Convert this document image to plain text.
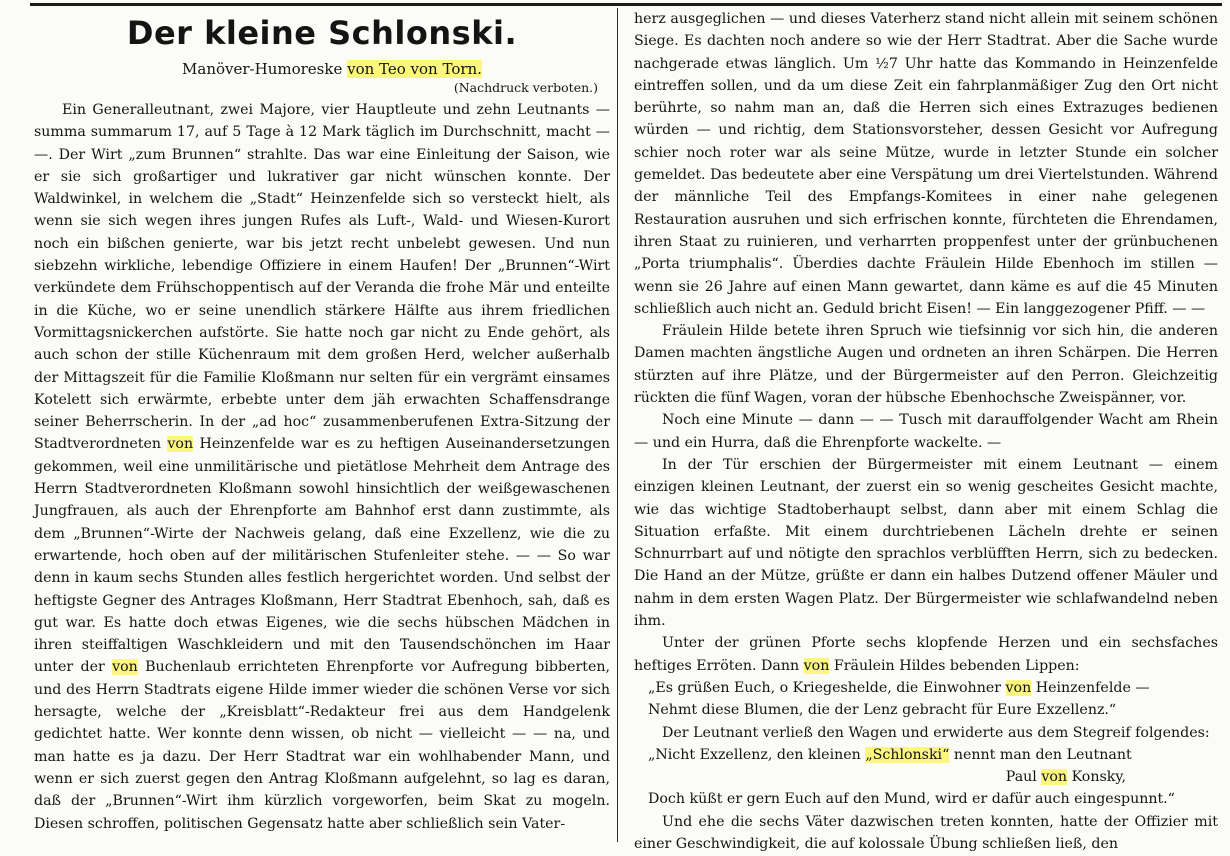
Der kleine Schlonski.
Manöver-Humoreske von Teo von Torn.
(Nachdruck verboten.)

Ein Generalleutnant, zwei Majore, vier Hauptleute und zehn Leutnants — summa summarum 17, auf 5 Tage à 12 Mark täglich im Durchschnitt, macht — —. Der Wirt „zum Brunnen“ strahlte. Das war eine Einleitung der Saison, wie er sie sich großartiger und lukrativer gar nicht wünschen konnte. Der Waldwinkel, in welchem die „Stadt“ Heinzenfelde sich so versteckt hielt, als wenn sie sich wegen ihres jungen Rufes als Luft-, Wald- und Wiesen-Kurort noch ein bißchen genierte, war bis jetzt recht unbelebt gewesen. Und nun siebzehn wirkliche, lebendige Offiziere in einem Haufen! Der „Brunnen“-Wirt verkündete dem Frühschoppentisch auf der Veranda die frohe Mär und enteilte in die Küche, wo er seine unendlich stärkere Hälfte aus ihrem friedlichen Vormittagsnickerchen aufstörte. Sie hatte noch gar nicht zu Ende gehört, als auch schon der stille Küchenraum mit dem großen Herd, welcher außerhalb der Mittagszeit für die Familie Kloßmann nur selten für ein vergrämt einsames Kotelett sich erwärmte, erbebte unter dem jäh erwachten Schaffensdrange seiner Beherrscherin. In der „ad hoc“ zusammenberufenen Extra-Sitzung der Stadtverordneten von Heinzenfelde war es zu heftigen Auseinandersetzungen gekommen, weil eine unmilitärische und pietätlose Mehrheit dem Antrage des Herrn Stadtverordneten Kloßmann sowohl hinsichtlich der weißgewaschenen Jungfrauen, als auch der Ehrenpforte am Bahnhof erst dann zustimmte, als dem „Brunnen“-Wirte der Nachweis gelang, daß eine Exzellenz, wie die zu erwartende, hoch oben auf der militärischen Stufenleiter stehe. — — So war denn in kaum sechs Stunden alles festlich hergerichtet worden. Und selbst der heftigste Gegner des Antrages Kloßmann, Herr Stadtrat Ebenhoch, sah, daß es gut war. Es hatte doch etwas Eigenes, wie die sechs hübschen Mädchen in ihren steiffaltigen Waschkleidern und mit den Tausendschönchen im Haar unter der von Buchenlaub errichteten Ehrenpforte vor Aufregung bibberten, und des Herrn Stadtrats eigene Hilde immer wieder die schönen Verse vor sich hersagte, welche der „Kreisblatt“-Redakteur frei aus dem Handgelenk gedichtet hatte. Wer konnte denn wissen, ob nicht — vielleicht — — na, und man hatte es ja dazu. Der Herr Stadtrat war ein wohlhabender Mann, und wenn er sich zuerst gegen den Antrag Kloßmann aufgelehnt, so lag es daran, daß der „Brunnen“-Wirt ihm kürzlich vorgeworfen, beim Skat zu mogeln. Diesen schroffen, politischen Gegensatz hatte aber schließlich sein Vater-

herz ausgeglichen — und dieses Vaterherz stand nicht allein mit seinem schönen Siege. Es dachten noch andere so wie der Herr Stadtrat. Aber die Sache wurde nachgerade etwas länglich. Um ½7 Uhr hatte das Kommando in Heinzenfelde eintreffen sollen, und da um diese Zeit ein fahrplanmäßiger Zug den Ort nicht berührte, so nahm man an, daß die Herren sich eines Extrazuges bedienen würden — und richtig, dem Stationsvorsteher, dessen Gesicht vor Aufregung schier noch roter war als seine Mütze, wurde in letzter Stunde ein solcher gemeldet. Das bedeutete aber eine Verspätung um drei Viertelstunden. Während der männliche Teil des Empfangs-Komitees in einer nahe gelegenen Restauration ausruhen und sich erfrischen konnte, fürchteten die Ehrendamen, ihren Staat zu ruinieren, und verharrten proppenfest unter der grünbuchenen „Porta triumphalis“. Überdies dachte Fräulein Hilde Ebenhoch im stillen — wenn sie 26 Jahre auf einen Mann gewartet, dann käme es auf die 45 Minuten schließlich auch nicht an. Geduld bricht Eisen! — Ein langgezogener Pfiff. — —

Fräulein Hilde betete ihren Spruch wie tiefsinnig vor sich hin, die anderen Damen machten ängstliche Augen und ordneten an ihren Schärpen. Die Herren stürzten auf ihre Plätze, und der Bürgermeister auf den Perron. Gleichzeitig rückten die fünf Wagen, voran der hübsche Ebenhochsche Zweispänner, vor.

Noch eine Minute — dann — — Tusch mit darauffolgender Wacht am Rhein — und ein Hurra, daß die Ehrenpforte wackelte. —

In der Tür erschien der Bürgermeister mit einem Leutnant — einem einzigen kleinen Leutnant, der zuerst ein so wenig gescheites Gesicht machte, wie das wichtige Stadtoberhaupt selbst, dann aber mit einem Schlag die Situation erfaßte. Mit einem durchtriebenen Lächeln drehte er seinen Schnurrbart auf und nötigte den sprachlos verblüfften Herrn, sich zu bedecken. Die Hand an der Mütze, grüßte er dann ein halbes Dutzend offener Mäuler und nahm in dem ersten Wagen Platz. Der Bürgermeister wie schlafwandelnd neben ihm.

Unter der grünen Pforte sechs klopfende Herzen und ein sechsfaches heftiges Erröten. Dann von Fräulein Hildes bebenden Lippen:

„Es grüßen Euch, o Kriegeshelde, die Einwohner von Heinzenfelde —

Nehmt diese Blumen, die der Lenz gebracht für Eure Exzellenz.“

Der Leutnant verließ den Wagen und erwiderte aus dem Stegreif folgendes:

„Nicht Exzellenz, den kleinen „Schlonski“ nennt man den Leutnant

Paul von Konsky,

Doch küßt er gern Euch auf den Mund, wird er dafür auch eingespunnt.“

Und ehe die sechs Väter dazwischen treten konnten, hatte der Offizier mit einer Geschwindigkeit, die auf kolossale Übung schließen ließ, den
